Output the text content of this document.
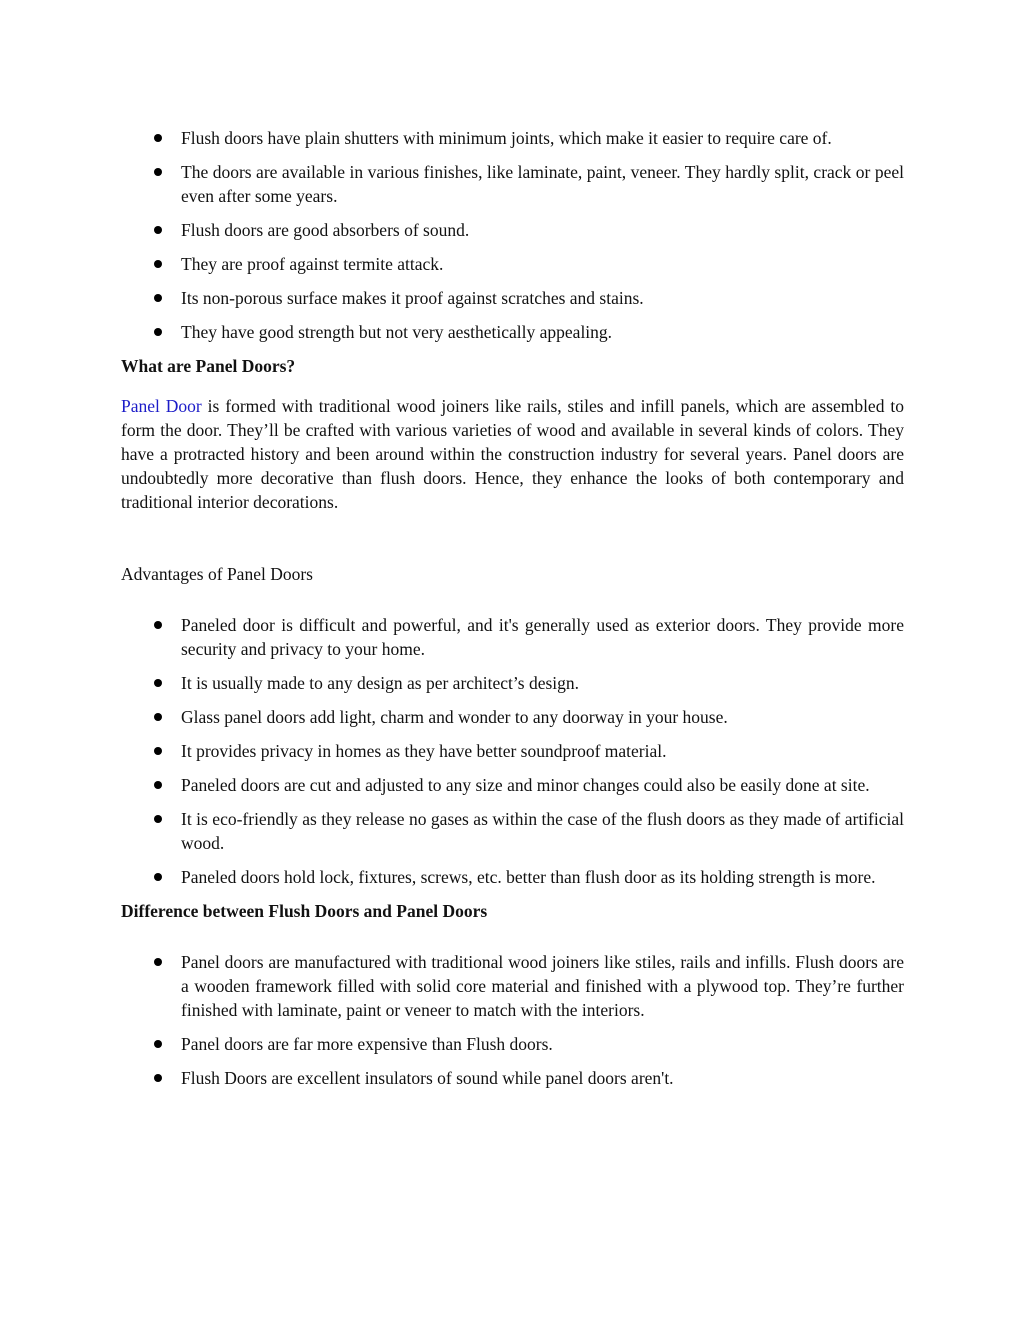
Flush doors have plain shutters with minimum joints, which make it easier to require care of.
The doors are available in various finishes, like laminate, paint, veneer. They hardly split, crack or peel even after some years.
Flush doors are good absorbers of sound.
They are proof against termite attack.
Its non-porous surface makes it proof against scratches and stains.
They have good strength but not very aesthetically appealing.

What are Panel Doors?

Panel Door is formed with traditional wood joiners like rails, stiles and infill panels, which are assembled to form the door. They’ll be crafted with various varieties of wood and available in several kinds of colors. They have a protracted history and been around within the construction industry for several years. Panel doors are undoubtedly more decorative than flush doors. Hence, they enhance the looks of both contemporary and traditional interior decorations.

Advantages of Panel Doors

Paneled door is difficult and powerful, and it's generally used as exterior doors. They provide more security and privacy to your home.
It is usually made to any design as per architect’s design.
Glass panel doors add light, charm and wonder to any doorway in your house.
It provides privacy in homes as they have better soundproof material.
Paneled doors are cut and adjusted to any size and minor changes could also be easily done at site.
It is eco-friendly as they release no gases as within the case of the flush doors as they made of artificial wood.
Paneled doors hold lock, fixtures, screws, etc. better than flush door as its holding strength is more.

Difference between Flush Doors and Panel Doors

Panel doors are manufactured with traditional wood joiners like stiles, rails and infills. Flush doors are a wooden framework filled with solid core material and finished with a plywood top. They’re further finished with laminate, paint or veneer to match with the interiors.
Panel doors are far more expensive than Flush doors.
Flush Doors are excellent insulators of sound while panel doors aren't.
